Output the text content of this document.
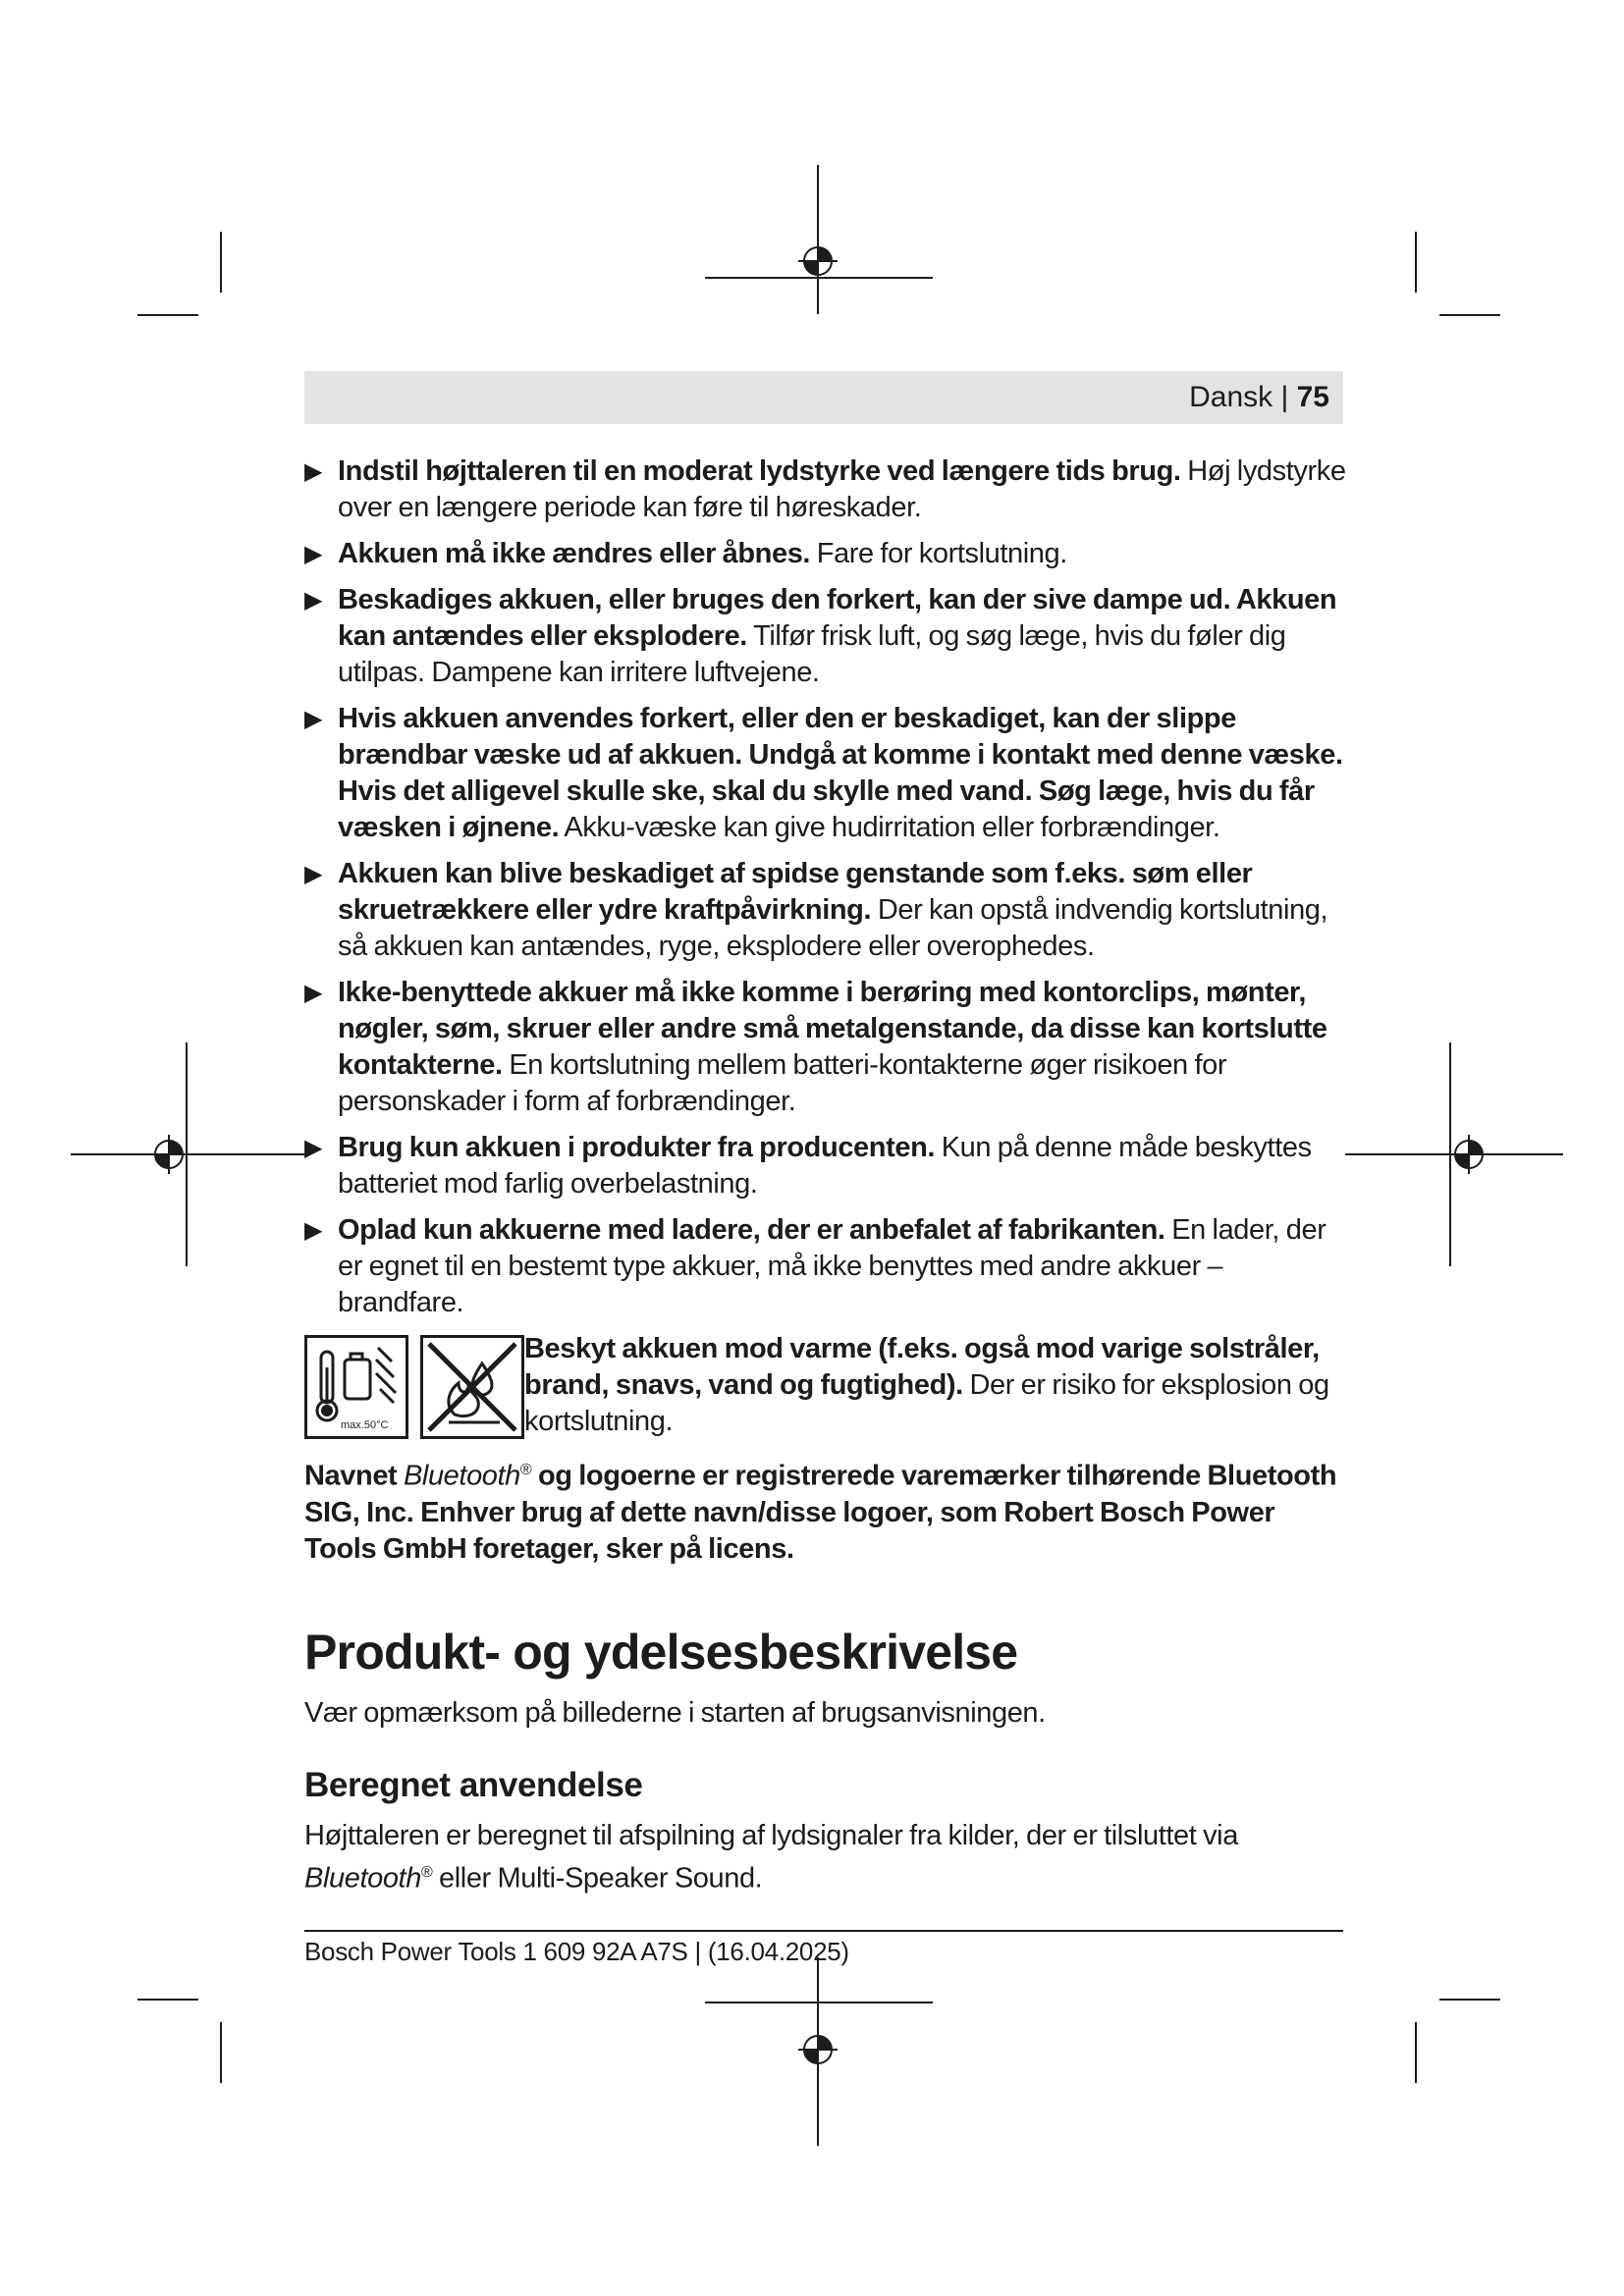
Dansk | 75
▶ Indstil højttaleren til en moderat lydstyrke ved længere tids brug. Høj lydstyrke over en længere periode kan føre til høreskader.
▶ Akkuen må ikke ændres eller åbnes. Fare for kortslutning.
▶ Beskadiges akkuen, eller bruges den forkert, kan der sive dampe ud. Akkuen kan antændes eller eksplodere. Tilfør frisk luft, og søg læge, hvis du føler dig utilpas. Dampene kan irritere luftvejene.
▶ Hvis akkuen anvendes forkert, eller den er beskadiget, kan der slippe brændbar væske ud af akkuen. Undgå at komme i kontakt med denne væske. Hvis det alligevel skulle ske, skal du skylle med vand. Søg læge, hvis du får væsken i øjnene. Akku-væske kan give hudirritation eller forbrændinger.
▶ Akkuen kan blive beskadiget af spidse genstande som f.eks. søm eller skruetrækkere eller ydre kraftpåvirkning. Der kan opstå indvendig kortslutning, så akkuen kan antændes, ryge, eksplodere eller overophedes.
▶ Ikke-benyttede akkuer må ikke komme i berøring med kontorclips, mønter, nøgler, søm, skruer eller andre små metalgenstande, da disse kan kortslutte kontakterne. En kortslutning mellem batteri-kontakterne øger risikoen for personskader i form af forbrændinger.
▶ Brug kun akkuen i produkter fra producenten. Kun på denne måde beskyttes batteriet mod farlig overbelastning.
▶ Oplad kun akkuerne med ladere, der er anbefalet af fabrikanten. En lader, der er egnet til en bestemt type akkuer, må ikke benyttes med andre akkuer – brandfare.
max.50°C
Beskyt akkuen mod varme (f.eks. også mod varige solstråler, brand, snavs, vand og fugtighed). Der er risiko for eksplosion og kortslutning.
Navnet Bluetooth® og logoerne er registrerede varemærker tilhørende Bluetooth SIG, Inc. Enhver brug af dette navn/disse logoer, som Robert Bosch Power Tools GmbH foretager, sker på licens.
Produkt- og ydelsesbeskrivelse

Vær opmærksom på billederne i starten af brugsanvisningen.

Beregnet anvendelse

Højttaleren er beregnet til afspilning af lydsignaler fra kilder, der er tilsluttet via Bluetooth® eller Multi-Speaker Sound.

Bosch Power Tools 1 609 92A A7S | (16.04.2025)
